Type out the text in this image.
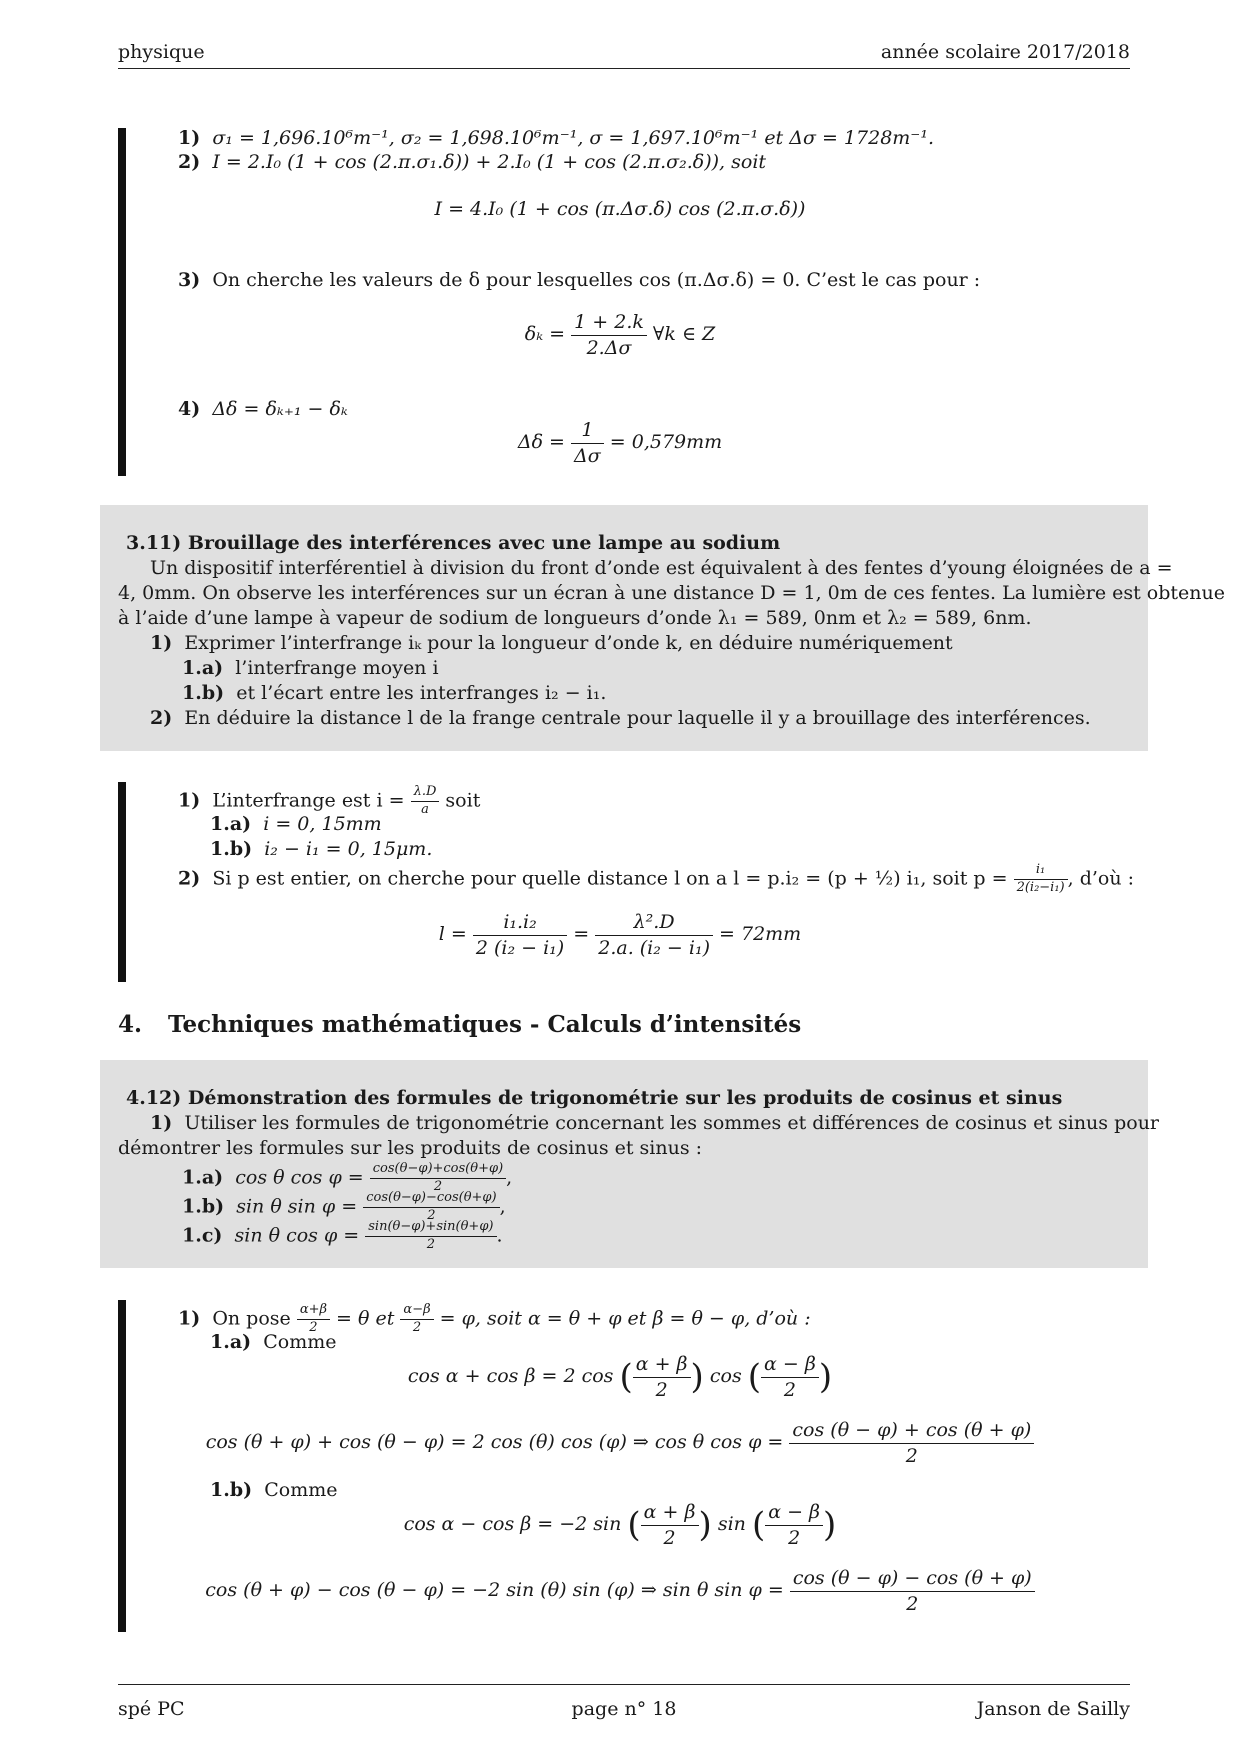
physique	année scolaire 2017/2018
1) σ₁ = 1,696.10⁶m⁻¹, σ₂ = 1,698.10⁶m⁻¹, σ = 1,697.10⁶m⁻¹ et Δσ = 1728m⁻¹.
2) I = 2.I₀ (1 + cos (2.π.σ₁.δ)) + 2.I₀ (1 + cos (2.π.σ₂.δ)), soit
I = 4.I₀ (1 + cos (π.Δσ.δ) cos (2.π.σ.δ))
3) On cherche les valeurs de δ pour lesquelles cos (π.Δσ.δ) = 0. C’est le cas pour :
$\delta_k = \frac{1 + 2.k}{2.\Delta\sigma}$ ∀k ∈ Z
4) Δδ = δₖ₊₁ − δₖ
$\Delta\delta = \frac{1}{\Delta\sigma} = 0,579mm$
3.11) Brouillage des interférences avec une lampe au sodium
Un dispositif interférentiel à division du front d’onde est équivalent à des fentes d’young éloignées de a =
4, 0mm. On observe les interférences sur un écran à une distance D = 1, 0m de ces fentes. La lumière est obtenue
à l’aide d’une lampe à vapeur de sodium de longueurs d’onde λ₁ = 589, 0nm et λ₂ = 589, 6nm.
1) Exprimer l’interfrange iₖ pour la longueur d’onde k, en déduire numériquement
1.a) l’interfrange moyen i
1.b) et l’écart entre les interfranges i₂ − i₁.
2) En déduire la distance l de la frange centrale pour laquelle il y a brouillage des interférences.
1) L’interfrange est $i = \frac{\lambda.D}{a}$ soit
1.a) i = 0, 15mm
1.b) i₂ − i₁ = 0, 15μm.
2) Si p est entier, on cherche pour quelle distance l on a l = p.i₂ = (p + ½) i₁, soit $p = \frac{\text{i₁}}{\text{2(i₂−i₁)}}$ , d’où :
$l = \frac{\text{i₁.i₂}}{\text{2 (i₂ − i₁)}} = \frac{\text{λ².D}}{\text{2.a. (i₂ − i₁)}} = 72mm$
4. Techniques mathématiques - Calculs d’intensités
4.12) Démonstration des formules de trigonométrie sur les produits de cosinus et sinus
1) Utiliser les formules de trigonométrie concernant les sommes et différences de cosinus et sinus pour
démontrer les formules sur les produits de cosinus et sinus :
1.a) cos θ $\cos \varphi = \frac{\cos(\theta-\varphi)+\cos(\theta+\varphi)}{2}$ ,
1.b) sin θ $\sin \varphi = \frac{\cos(\theta-\varphi)-\cos(\theta+\varphi)}{2}$ ,
1.c) sin θ $\cos \varphi = \frac{\sin(\theta-\varphi)+\sin(\theta+\varphi)}{2}$ .
1) On pose $\frac{\alpha+\beta}{2} = \theta$ et $\frac{\alpha-\beta}{2} = \varphi$, soit α = θ + φ et β = θ − φ, d’où :
1.a) Comme
cos α + cos β = 2 cos ( $\frac{\alpha + \beta}{2}$ ) cos ( $\frac{\alpha - \beta}{2}$ )
cos (θ + φ) + cos (θ − φ) = 2 cos (θ) cos (φ) ⇒ cos θ $\cos \varphi = \frac{\cos (\theta - \varphi) + \cos (\theta + \varphi)}{2}$
1.b) Comme
cos α − cos β = −2 sin ( $\frac{\alpha + \beta}{2}$ ) sin ( $\frac{\alpha - \beta}{2}$ )
cos (θ + φ) − cos (θ − φ) = −2 sin (θ) sin (φ) ⇒ sin θ $\sin \varphi = \frac{\cos (\theta - \varphi) - \cos (\theta + \varphi)}{2}$
spé PC	page n° 18	Janson de Sailly
